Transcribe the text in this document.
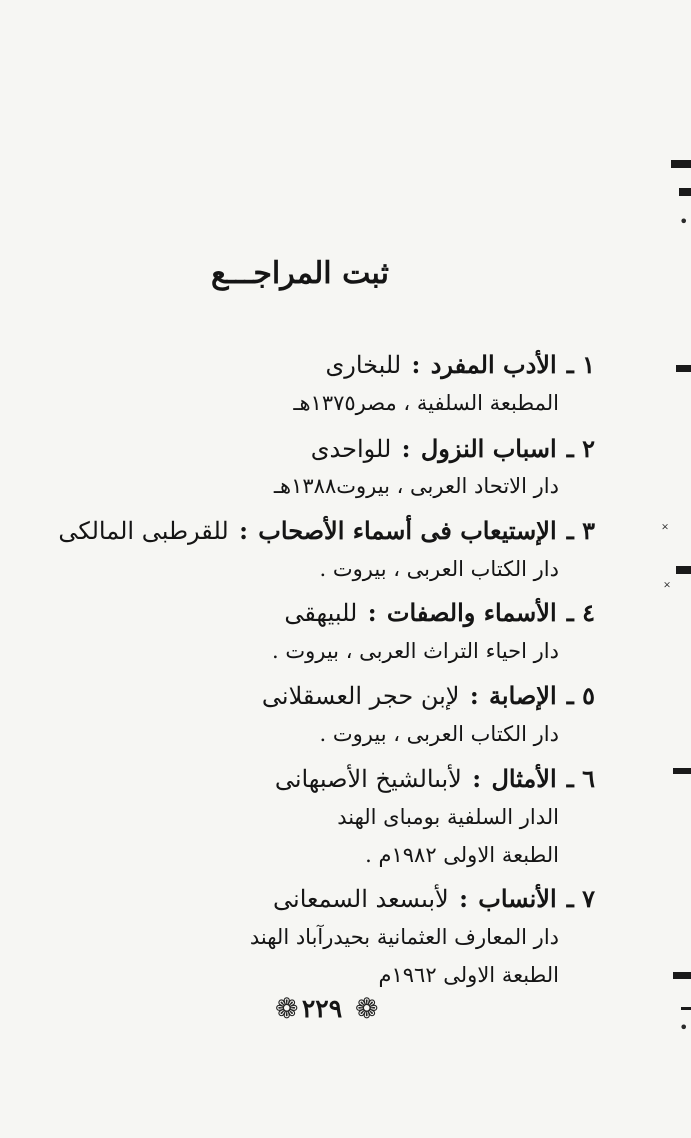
ثبت المراجـــع
١ ـ الأدب المفرد : للبخارى
المطبعة السلفية ، مصر١٣٧٥هـ
٢ ـ اسباب النزول : للواحدى
دار الاتحاد العربى ، بيروت١٣٨٨هـ
٣ ـ الإستيعاب فى أسماء الأصحاب : للقرطبى المالكى
دار الكتاب العربى ، بيروت .
٤ ـ الأسماء والصفات : للبيهقى
دار احياء التراث العربى ، بيروت .
٥ ـ الإصابة : لإبن حجر العسقلانى
دار الكتاب العربى ، بيروت .
٦ ـ الأمثال : لأبىالشيخ الأصبهانى
الدار السلفية بومباى الهند
الطبعة الاولى ١٩٨٢م .
٧ ـ الأنساب : لأبىسعد السمعانى
دار المعارف العثمانية بحيدرآباد الهند
الطبعة الاولى ١٩٦٢م
❁ ٢٢٩ ❁
•
˟
˟
•
